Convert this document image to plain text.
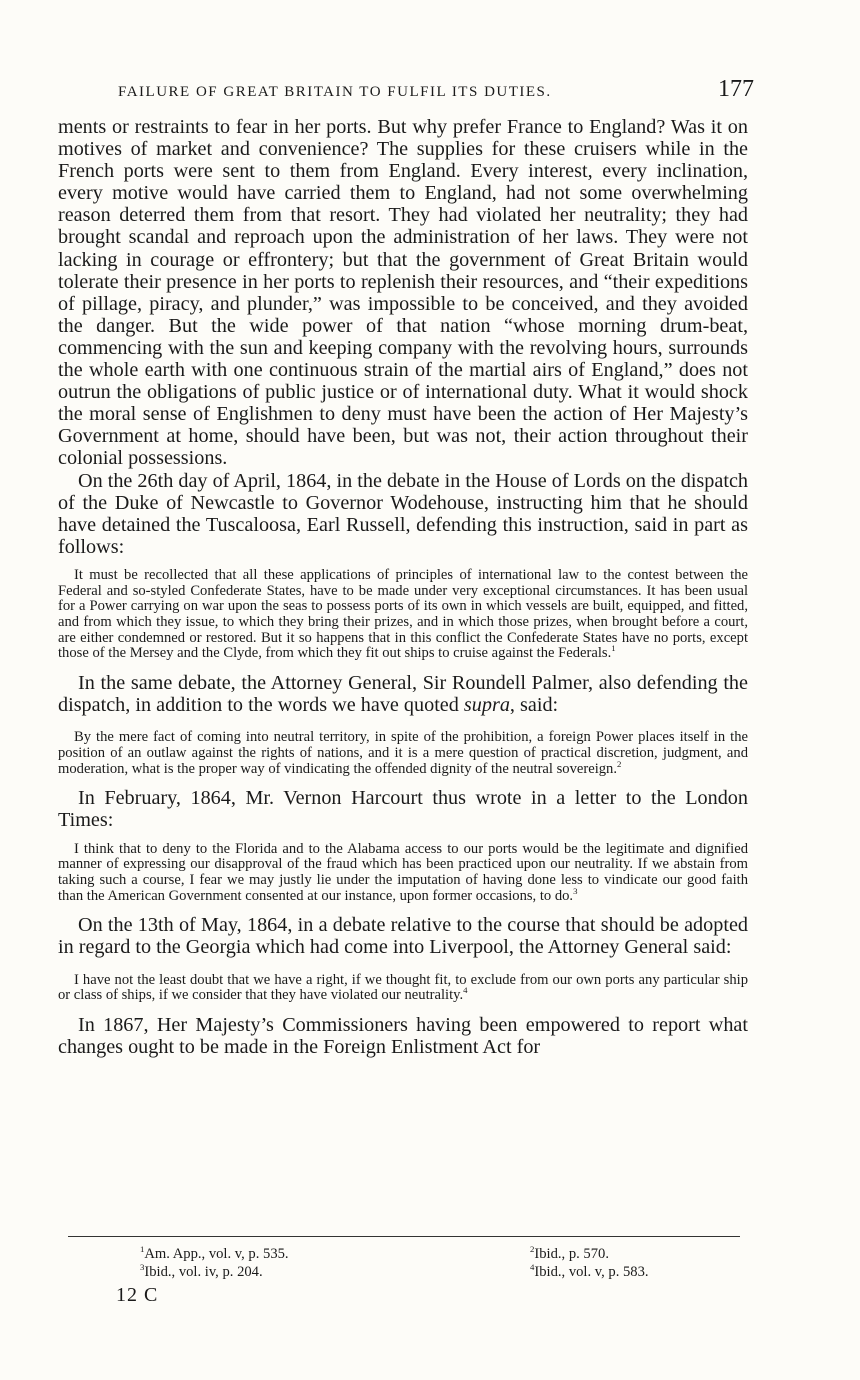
FAILURE OF GREAT BRITAIN TO FULFIL ITS DUTIES.	177

ments or restraints to fear in her ports. But why prefer France to England? Was it on motives of market and convenience? The supplies for these cruisers while in the French ports were sent to them from England. Every interest, every inclination, every motive would have carried them to England, had not some overwhelming reason deterred them from that resort. They had violated her neutrality; they had brought scandal and reproach upon the administration of her laws. They were not lacking in courage or effrontery; but that the government of Great Britain would tolerate their presence in her ports to replenish their resources, and “their expeditions of pillage, piracy, and plunder,” was impossible to be conceived, and they avoided the danger. But the wide power of that nation “whose morning drum-beat, commencing with the sun and keeping company with the revolving hours, surrounds the whole earth with one continuous strain of the martial airs of England,” does not outrun the obligations of public justice or of international duty. What it would shock the moral sense of Englishmen to deny must have been the action of Her Majesty’s Government at home, should have been, but was not, their action throughout their colonial possessions.

On the 26th day of April, 1864, in the debate in the House of Lords on the dispatch of the Duke of Newcastle to Governor Wodehouse, instructing him that he should have detained the Tuscaloosa, Earl Russell, defending this instruction, said in part as follows:

It must be recollected that all these applications of principles of international law to the contest between the Federal and so-styled Confederate States, have to be made under very exceptional circumstances. It has been usual for a Power carrying on war upon the seas to possess ports of its own in which vessels are built, equipped, and fitted, and from which they issue, to which they bring their prizes, and in which those prizes, when brought before a court, are either condemned or restored. But it so happens that in this conflict the Confederate States have no ports, except those of the Mersey and the Clyde, from which they fit out ships to cruise against the Federals.$^1$

In the same debate, the Attorney General, Sir Roundell Palmer, also defending the dispatch, in addition to the words we have quoted supra, said:

By the mere fact of coming into neutral territory, in spite of the prohibition, a foreign Power places itself in the position of an outlaw against the rights of nations, and it is a mere question of practical discretion, judgment, and moderation, what is the proper way of vindicating the offended dignity of the neutral sovereign.$^2$

In February, 1864, Mr. Vernon Harcourt thus wrote in a letter to the London Times:

I think that to deny to the Florida and to the Alabama access to our ports would be the legitimate and dignified manner of expressing our disapproval of the fraud which has been practiced upon our neutrality. If we abstain from taking such a course, I fear we may justly lie under the imputation of having done less to vindicate our good faith than the American Government consented at our instance, upon former occasions, to do.$^3$

On the 13th of May, 1864, in a debate relative to the course that should be adopted in regard to the Georgia which had come into Liverpool, the Attorney General said:

I have not the least doubt that we have a right, if we thought fit, to exclude from our own ports any particular ship or class of ships, if we consider that they have violated our neutrality.$^4$

In 1867, Her Majesty’s Commissioners having been empowered to report what changes ought to be made in the Foreign Enlistment Act for

$^1$Am. App., vol. v, p. 535.	$^2$Ibid., p. 570.
$^3$Ibid., vol. iv, p. 204.	$^4$Ibid., vol. v, p. 583.
12 C
